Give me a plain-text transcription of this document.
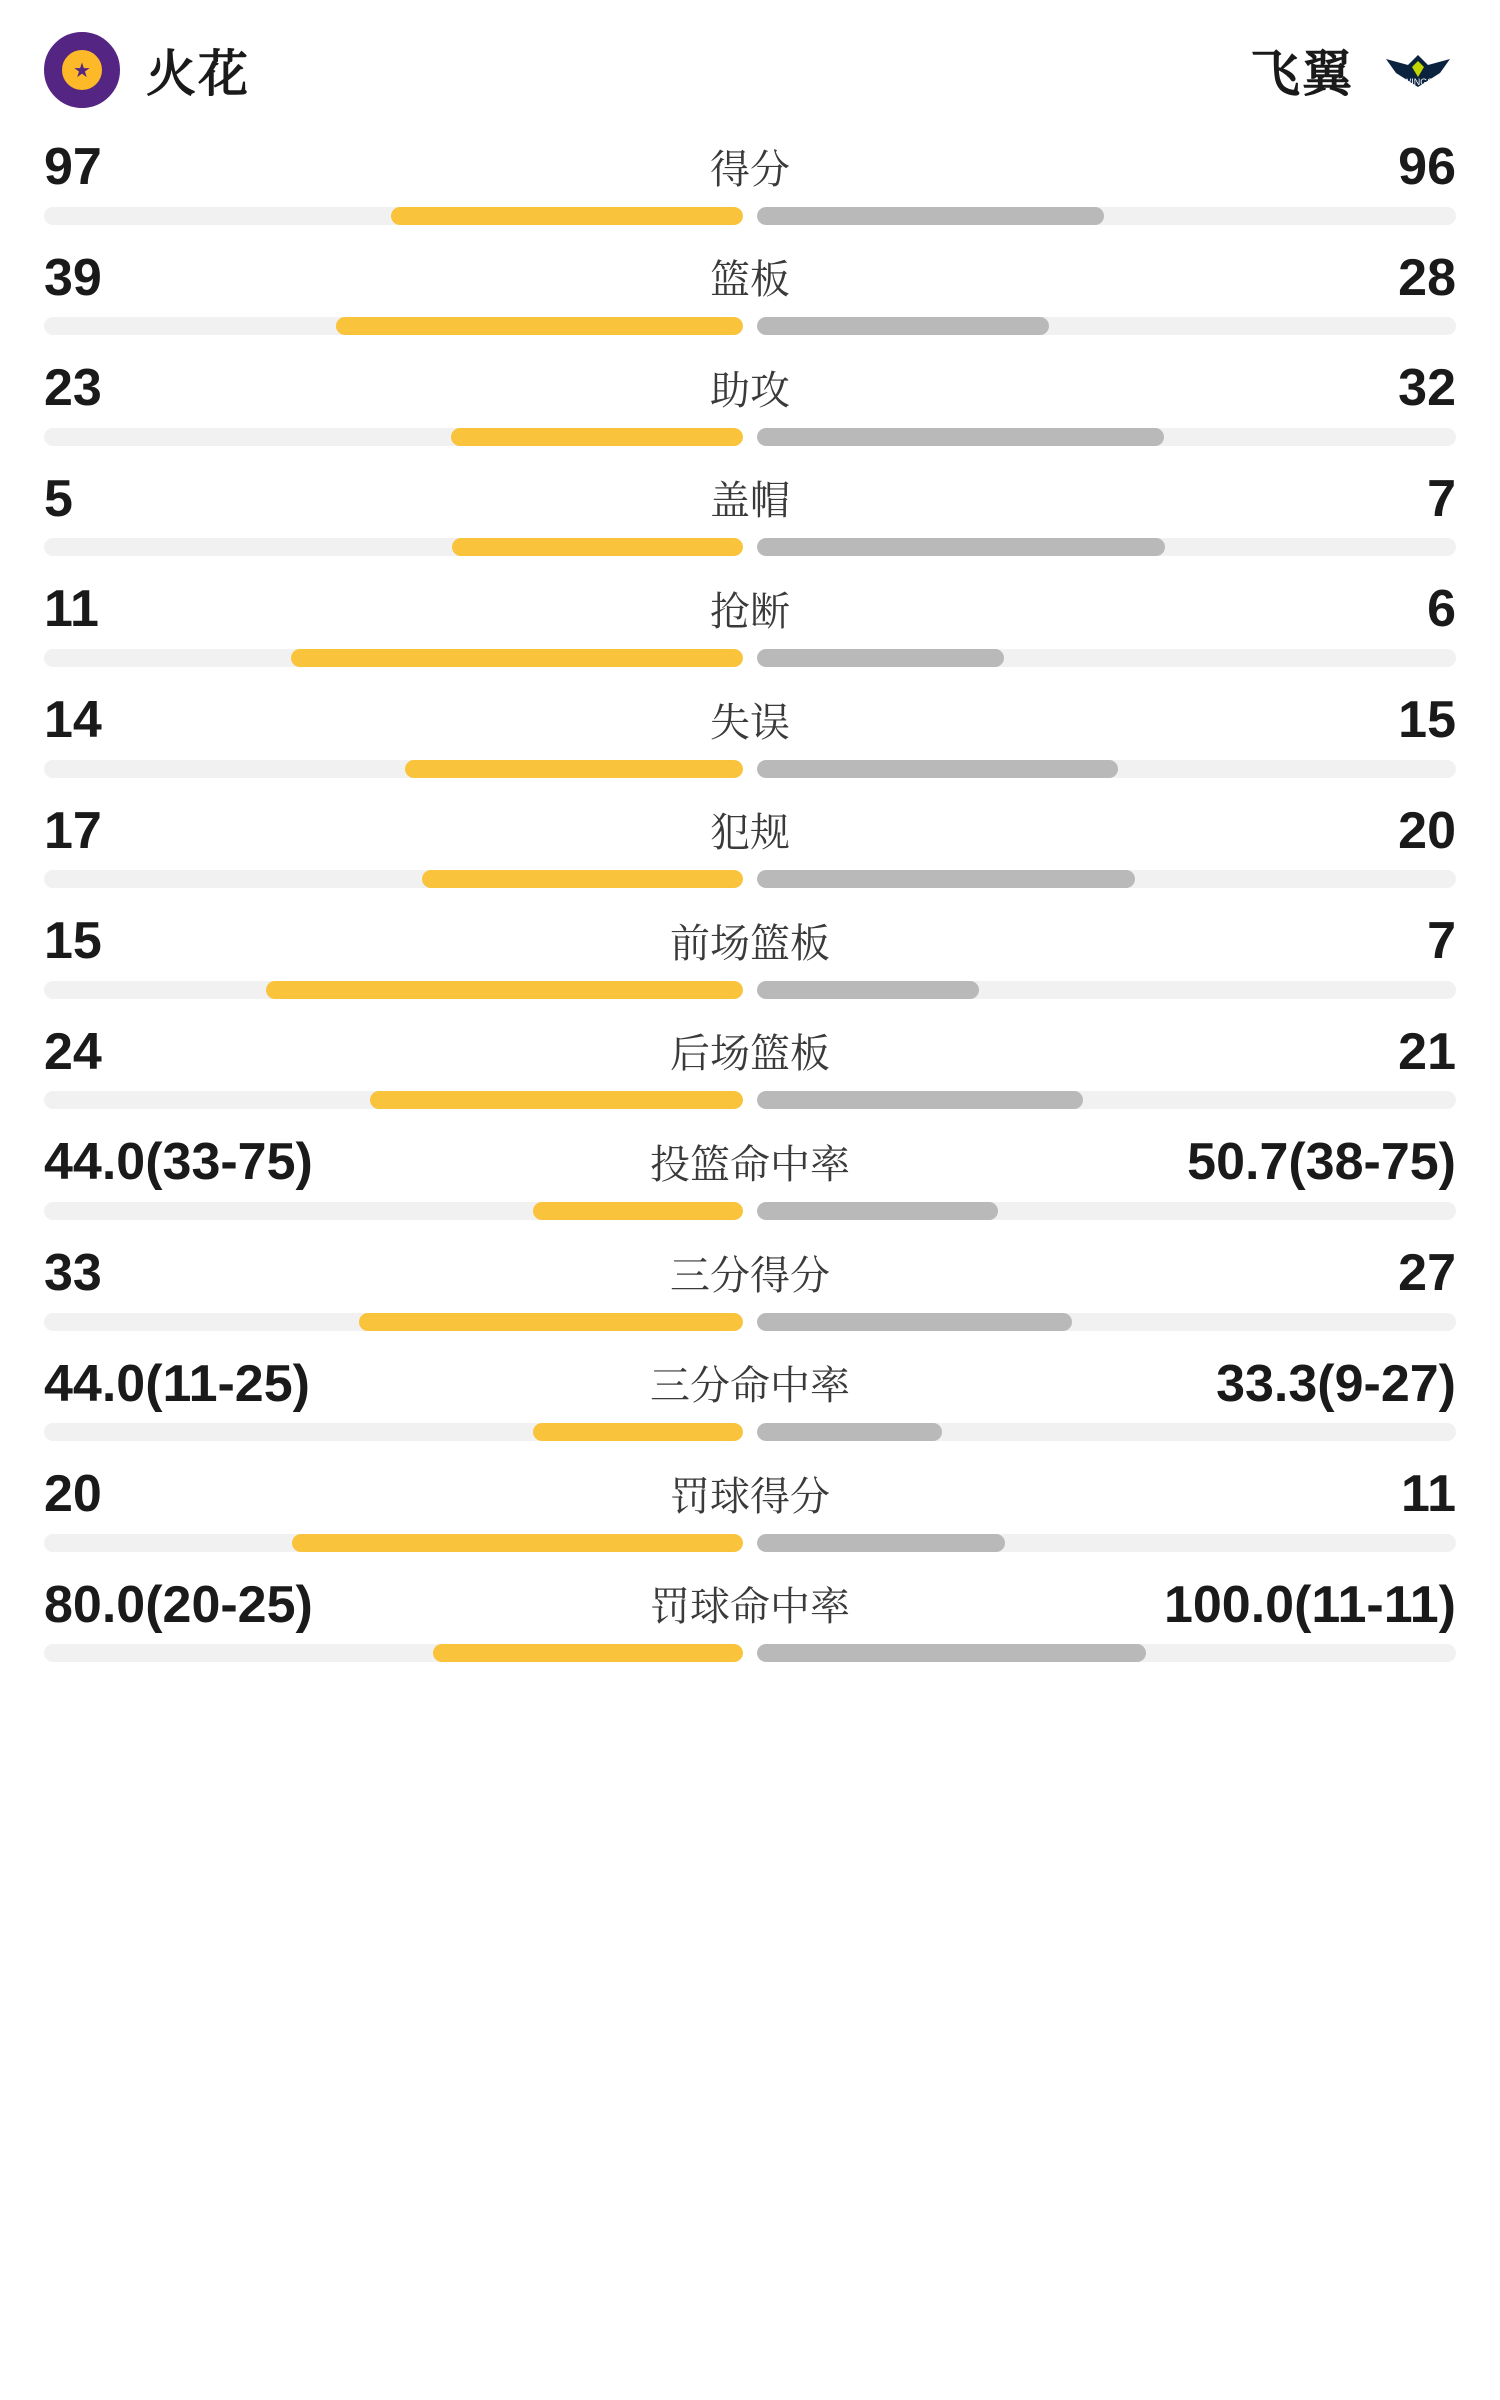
★ 火花	飞翼	WINGS
97	得分	96
39	篮板	28
23	助攻	32
5	盖帽	7
11	抢断	6
14	失误	15
17	犯规	20
15	前场篮板	7
24	后场篮板	21
44.0(33-75)	投篮命中率	50.7(38-75)
33	三分得分	27
44.0(11-25)	三分命中率	33.3(9-27)
20	罚球得分	11
80.0(20-25)	罚球命中率	100.0(11-11)
